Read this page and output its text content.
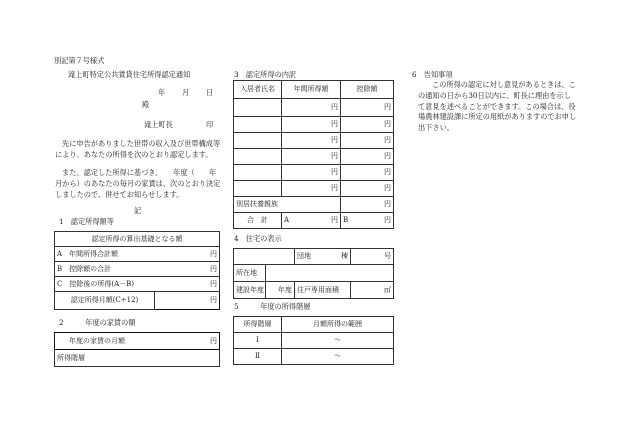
別記第７号様式
滝上町特定公共賃貸住宅所得認定通知
年 月 日
殿
滝上町長	印
先に申告がありました世帯の収入及び世帯構成等により、あなたの所得を次のとおり認定します。
また、認定した所得に基づき、　　年度（　　年　　月から）のあなたの毎月の家賃は、次のとおり決定しましたので、併せてお知らせします。
記
1　認定所得額等
認定所得の算出基礎となる額

A　年間所得合計額	円

B　控除額の合計	円

C　控除後の所得(A－B)	円

認定所得月額(C÷12)	円
2　　　年度の家賃の額
年度の家賃の月額	円

所得階層
3　認定所得の内訳
入居者氏名	年間所得額	控除額
	円	円
	円	円
	円	円
	円	円
	円	円
	円	円
別居扶養親族		円
合　計	A 円	B 円
4　住宅の表示

		団地 棟	号
所在地			
建設年度	年度	住戸専用面積	㎡
5　　　年度の所得階層
所得階層	月額所得の範囲
Ⅰ	～
Ⅱ	～
6　告知事項
この所得の認定に対し意見があるときは、この通知の日から30日以内に、町長に理由を示して意見を述べることができます。この場合は、役場農林建設課に所定の用紙がありますのでお申し出下さい。
